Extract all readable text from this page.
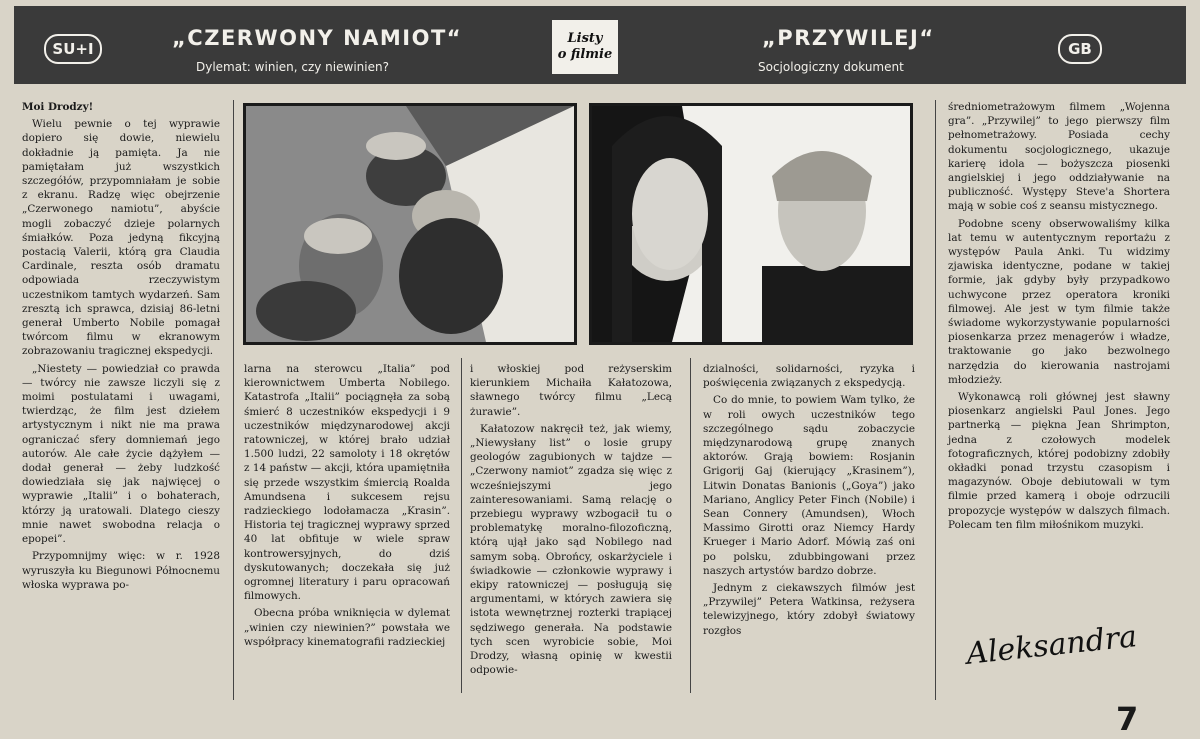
SU+I	„CZERWONY NAMIOT“
Dylemat: winien, czy niewinien?
Listy
o filmie
„PRZYWILEJ“
Socjologiczny dokument
GB

Moi Drodzy!

Wielu pewnie o tej wyprawie dopiero się dowie, niewielu dokładnie ją pamięta. Ja nie pamiętałam już wszystkich szczegółów, przypomniałam je sobie z ekranu. Radzę więc obejrzenie „Czerwonego namiotu”, abyście mogli zobaczyć dzieje polarnych śmiałków. Poza jedyną fikcyjną postacią Valerii, którą gra Claudia Cardinale, reszta osób dramatu odpowiada rzeczywistym uczestnikom tamtych wydarzeń. Sam zresztą ich sprawca, dzisiaj 86-letni generał Umberto Nobile pomagał twórcom filmu w ekranowym zobrazowaniu tragicznej ekspedycji.

„Niestety — powiedział co prawda — twórcy nie zawsze liczyli się z moimi postulatami i uwagami, twierdząc, że film jest dziełem artystycznym i nikt nie ma prawa ograniczać sfery domniemań jego autorów. Ale całe życie dążyłem — dodał generał — żeby ludzkość dowiedziała się jak najwięcej o wyprawie „Italii” i o bohaterach, którzy ją uratowali. Dlatego cieszy mnie nawet swobodna relacja o epopei”.

Przypomnijmy więc: w r. 1928 wyruszyła ku Biegunowi Północnemu włoska wyprawa po-

larna na sterowcu „Italia” pod kierownictwem Umberta Nobilego. Katastrofa „Italii” pociągnęła za sobą śmierć 8 uczestników ekspedycji i 9 uczestników międzynarodowej akcji ratowniczej, w której brało udział 1.500 ludzi, 22 samoloty i 18 okrętów z 14 państw — akcji, która upamiętniła się przede wszystkim śmiercią Roalda Amundsena i sukcesem rejsu radzieckiego lodołamacza „Krasin”. Historia tej tragicznej wyprawy sprzed 40 lat obfituje w wiele spraw kontrowersyjnych, do dziś dyskutowanych; doczekała się już ogromnej literatury i paru opracowań filmowych.

Obecna próba wniknięcia w dylemat „winien czy niewinien?” powstała we współpracy kinematografii radzieckiej

i włoskiej pod reżyserskim kierunkiem Michaiła Kałatozowa, sławnego twórcy filmu „Lecą żurawie”.

Kałatozow nakręcił też, jak wiemy, „Niewysłany list” o losie grupy geologów zagubionych w tajdze — „Czerwony namiot” zgadza się więc z wcześniejszymi jego zainteresowaniami. Samą relację o przebiegu wyprawy wzbogacił tu o problematykę moralno-filozoficzną, którą ujął jako sąd Nobilego nad samym sobą. Obrońcy, oskarżyciele i świadkowie — członkowie wyprawy i ekipy ratowniczej — posługują się argumentami, w których zawiera się istota wewnętrznej rozterki trapiącej sędziwego generała. Na podstawie tych scen wyrobicie sobie, Moi Drodzy, własną opinię w kwestii odpowie-

dzialności, solidarności, ryzyka i poświęcenia związanych z ekspedycją.

Co do mnie, to powiem Wam tylko, że w roli owych uczestników tego szczególnego sądu zobaczycie międzynarodową grupę znanych aktorów. Grają bowiem: Rosjanin Grigorij Gaj (kierujący „Krasinem”), Litwin Donatas Banionis („Goya”) jako Mariano, Anglicy Peter Finch (Nobile) i Sean Connery (Amundsen), Włoch Massimo Girotti oraz Niemcy Hardy Krueger i Mario Adorf. Mówią zaś oni po polsku, zdubbingowani przez naszych artystów bardzo dobrze.

Jednym z ciekawszych filmów jest „Przywilej” Petera Watkinsa, reżysera telewizyjnego, który zdobył światowy rozgłos

średniometrażowym filmem „Wojenna gra”. „Przywilej” to jego pierwszy film pełnometrażowy. Posiada cechy dokumentu socjologicznego, ukazuje karierę idola — bożyszcza piosenki angielskiej i jego oddziaływanie na publiczność. Występy Steve'a Shortera mają w sobie coś z seansu mistycznego.

Podobne sceny obserwowaliśmy kilka lat temu w autentycznym reportażu z występów Paula Anki. Tu widzimy zjawiska identyczne, podane w takiej formie, jak gdyby były przypadkowo uchwycone przez operatora kroniki filmowej. Ale jest w tym filmie także świadome wykorzystywanie popularności piosenkarza przez menagerów i władze, traktowanie go jako bezwolnego narzędzia do kierowania nastrojami młodzieży.

Wykonawcą roli głównej jest sławny piosenkarz angielski Paul Jones. Jego partnerką — piękna Jean Shrimpton, jedna z czołowych modelek fotograficznych, której podobizny zdobiły okładki ponad trzystu czasopism i magazynów. Oboje debiutowali w tym filmie przed kamerą i oboje odrzucili propozycje występów w dalszych filmach. Polecam ten film miłośnikom muzyki.

Aleksandra
7
